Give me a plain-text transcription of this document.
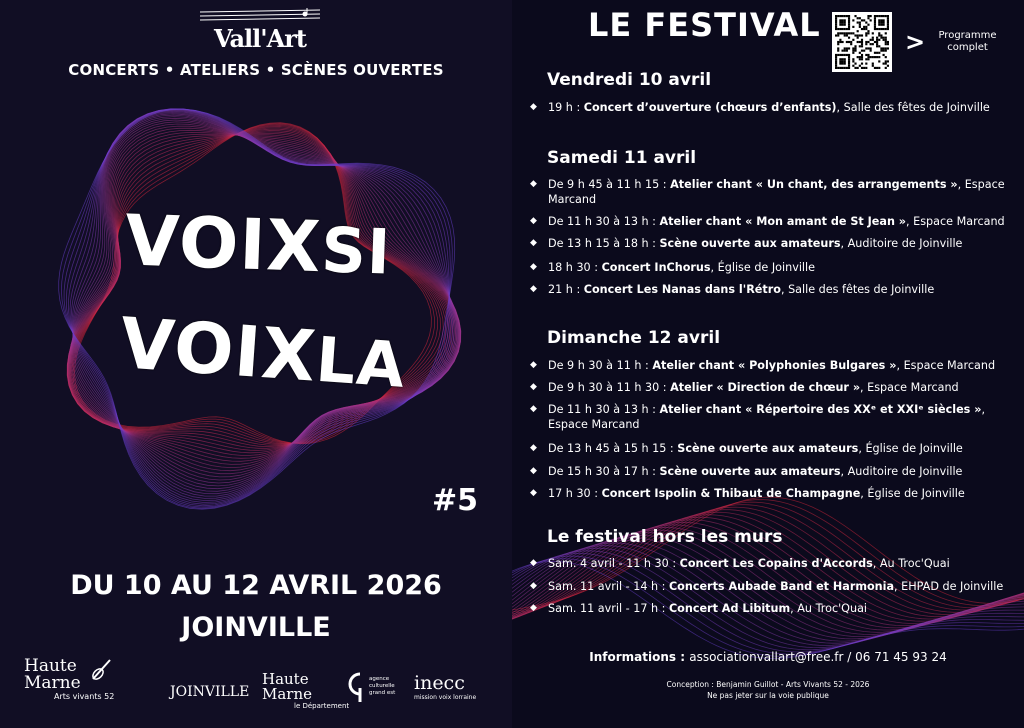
Vall'Art
CONCERTS • ATELIERS • SCÈNES OUVERTES
VOIXSI
VOIXLA
#5
DU 10 AU 12 AVRIL 2026
JOINVILLE
Haute
Marne
Arts vivants 52	JOINVILLE
Haute
Marne
le Département
agence culturelle grand est inecc
mission voix lorraine
LE FESTIVAL	>	Programme complet
Vendredi 10 avril
◆ 19 h : Concert d’ouverture (chœurs d’enfants), Salle des fêtes de Joinville
Samedi 11 avril
◆ De 9 h 45 à 11 h 15 : Atelier chant « Un chant, des arrangements », Espace Marcand
◆ De 11 h 30 à 13 h : Atelier chant « Mon amant de St Jean », Espace Marcand
◆ De 13 h 15 à 18 h : Scène ouverte aux amateurs, Auditoire de Joinville
◆ 18 h 30 : Concert InChorus, Église de Joinville
◆ 21 h : Concert Les Nanas dans l'Rétro, Salle des fêtes de Joinville
Dimanche 12 avril
◆ De 9 h 30 à 11 h : Atelier chant « Polyphonies Bulgares », Espace Marcand
◆ De 9 h 30 à 11 h 30 : Atelier « Direction de chœur », Espace Marcand
◆ De 11 h 30 à 13 h : Atelier chant « Répertoire des XXᵉ et XXIᵉ siècles », Espace Marcand
◆ De 13 h 45 à 15 h 15 : Scène ouverte aux amateurs, Église de Joinville
◆ De 15 h 30 à 17 h : Scène ouverte aux amateurs, Auditoire de Joinville
◆ 17 h 30 : Concert Ispolin & Thibaut de Champagne, Église de Joinville
Le festival hors les murs
◆ Sam. 4 avril - 11 h 30 : Concert Les Copains d'Accords, Au Troc'Quai
◆ Sam. 11 avril - 14 h : Concerts Aubade Band et Harmonia, EHPAD de Joinville
◆ Sam. 11 avril - 17 h : Concert Ad Libitum, Au Troc'Quai
Informations : associationvallart@free.fr / 06 71 45 93 24
Conception : Benjamin Guillot - Arts Vivants 52 - 2026
Ne pas jeter sur la voie publique
